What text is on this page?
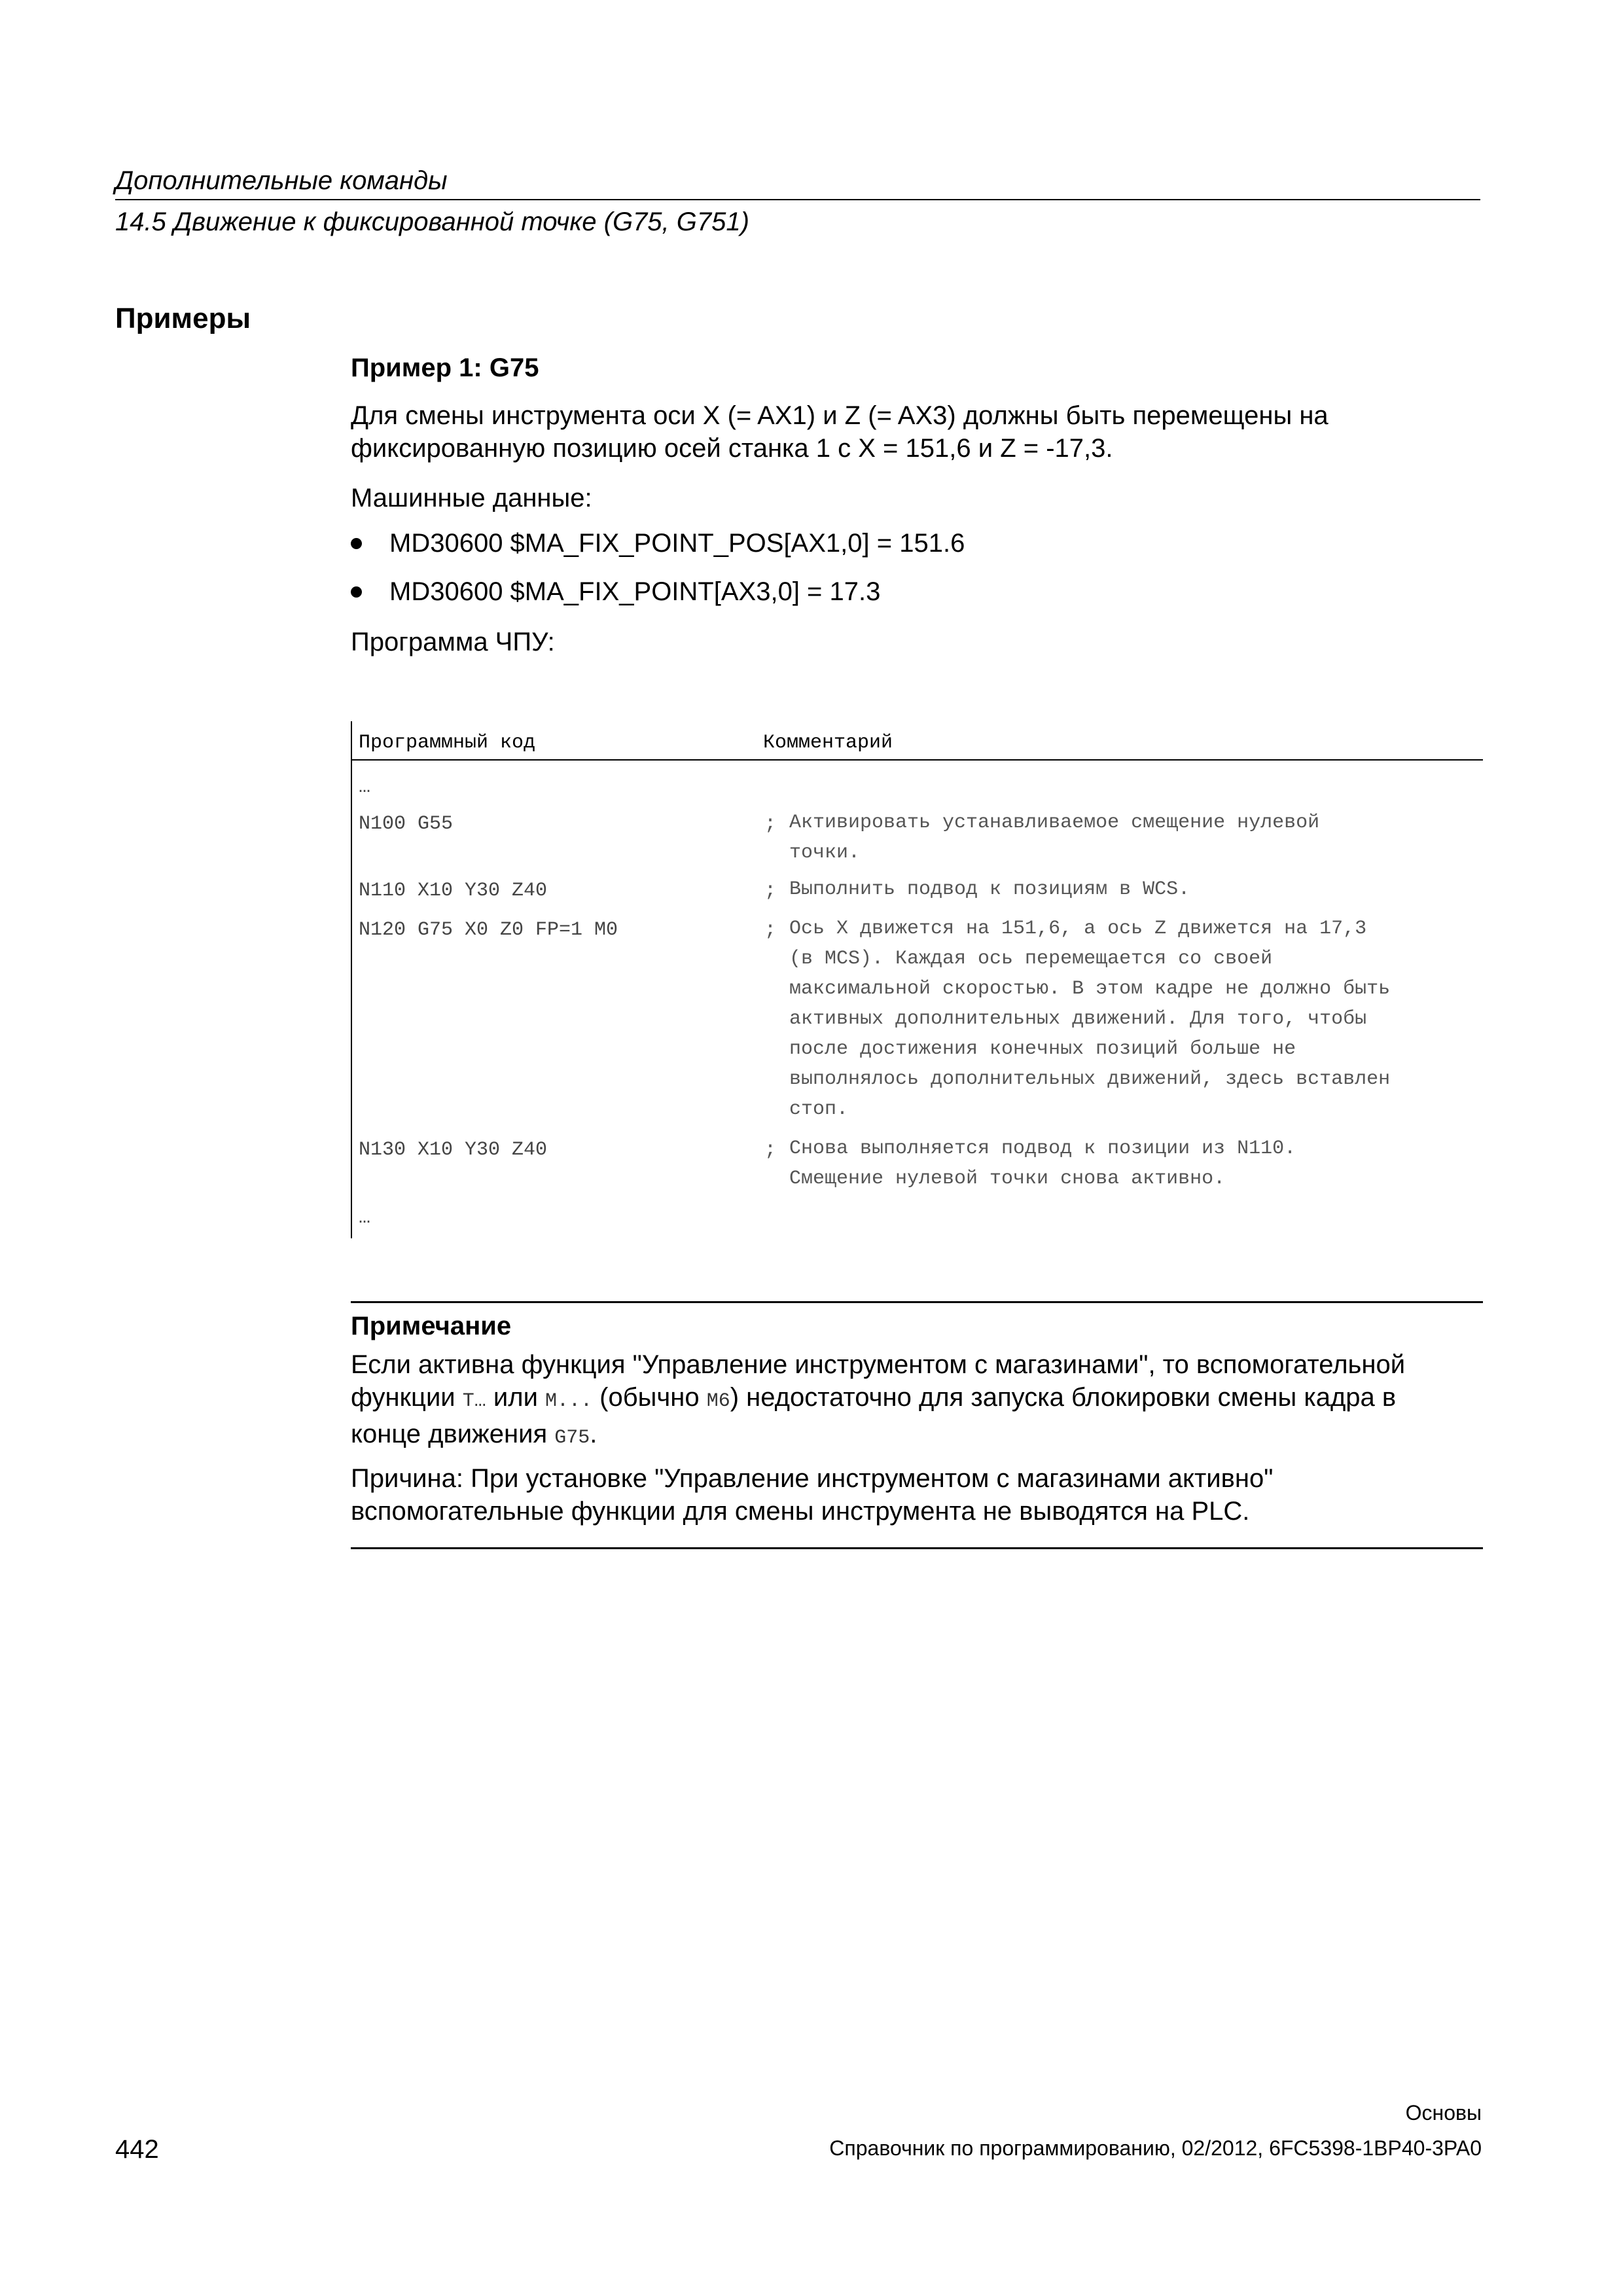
Дополнительные команды
14.5 Движение к фиксированной точке (G75, G751)
Примеры
Пример 1: G75
Для смены инструмента оси X (= AX1) и Z (= AX3) должны быть перемещены на
фиксированную позицию осей станка 1 с X = 151,6 и Z = -17,3.
Машинные данные:
MD30600 $MA_FIX_POINT_POS[AX1,0] = 151.6
MD30600 $MA_FIX_POINT[AX3,0] = 17.3
Программа ЧПУ:
Программный код	Комментарий
…
N100 G55	; Активировать устанавливаемое смещение нулевой
точки.
N110 X10 Y30 Z40	; Выполнить подвод к позициям в WCS.
N120 G75 X0 Z0 FP=1 M0	; Ось X движется на 151,6, а ось Z движется на 17,3
(в MCS). Каждая ось перемещается со своей
максимальной скоростью. В этом кадре не должно быть
активных дополнительных движений. Для того, чтобы
после достижения конечных позиций больше не
выполнялось дополнительных движений, здесь вставлен
стоп.
N130 X10 Y30 Z40	; Снова выполняется подвод к позиции из N110.
Смещение нулевой точки снова активно.
…
Примечание
Если активна функция "Управление инструментом с магазинами", то вспомогательной
функции T… или M... (обычно M6) недостаточно для запуска блокировки смены кадра в
конце движения G75.
Причина: При установке "Управление инструментом с магазинами активно"
вспомогательные функции для смены инструмента не выводятся на PLC.
442
Основы
Справочник по программированию, 02/2012, 6FC5398-1BP40-3PA0
